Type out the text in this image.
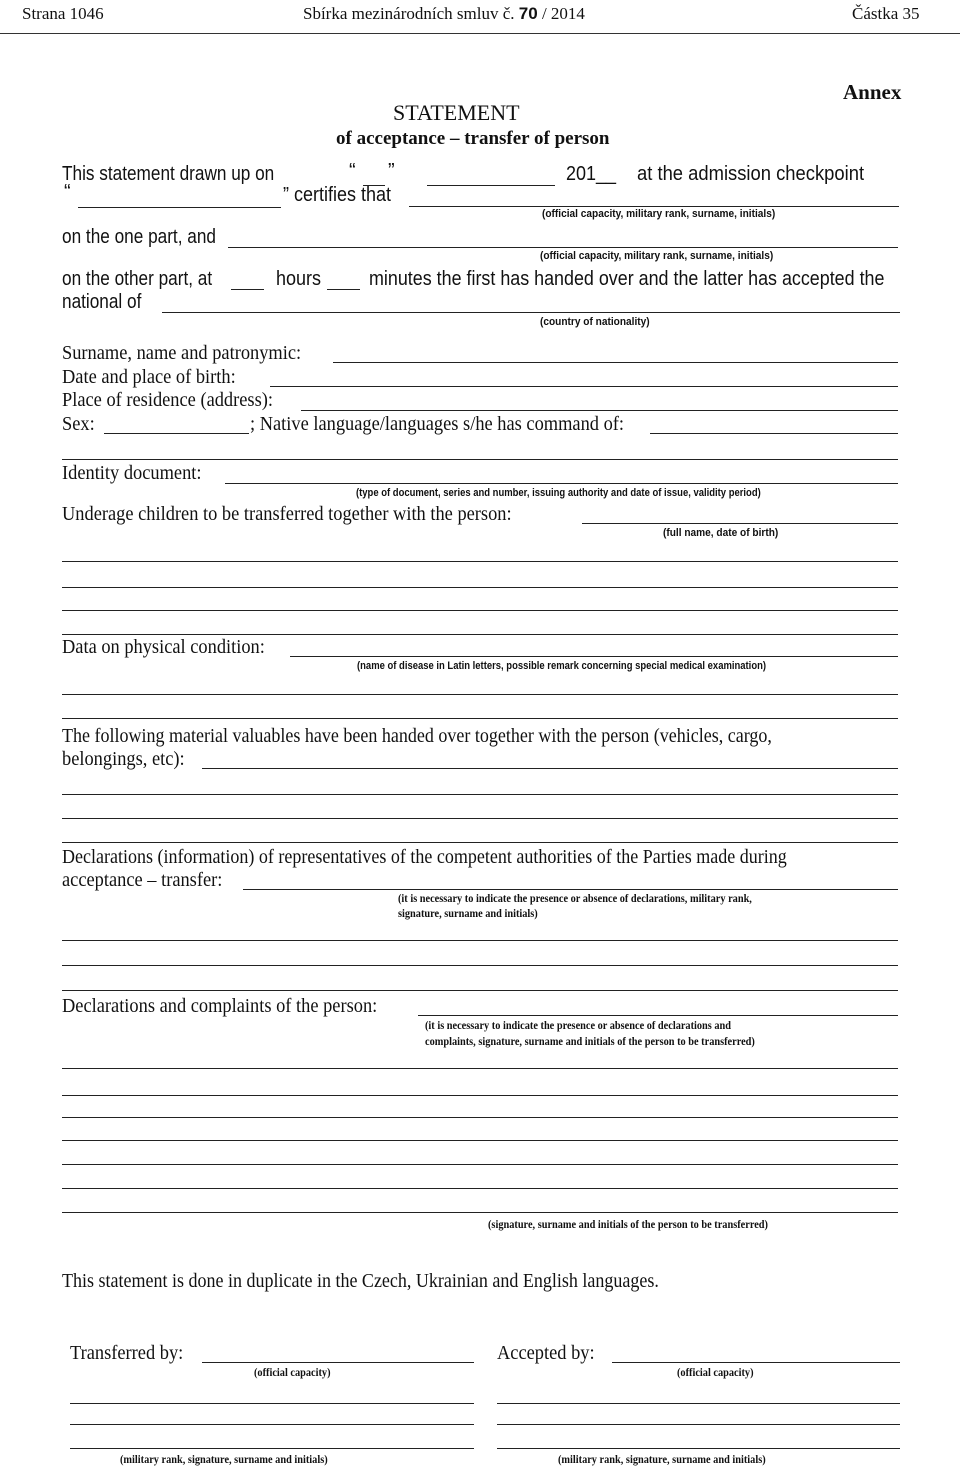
Strana 1046	Sbírka mezinárodních smluv č. 70 / 2014	Částka 35
Annex
STATEMENT
of acceptance – transfer of person
This statement drawn up on	“ ”	201__ at the admission checkpoint
“	” certifies that
(official capacity, military rank, surname, initials)
on the one part, and
(official capacity, military rank, surname, initials)
on the other part, at	hours minutes the first has handed over and the latter has accepted the
national of
(country of nationality)
Surname, name and patronymic:
Date and place of birth:
Place of residence (address):
Sex:	; Native language/languages s/he has command of:
Identity document:
(type of document, series and number, issuing authority and date of issue, validity period)
Underage children to be transferred together with the person:
(full name, date of birth)
Data on physical condition:
(name of disease in Latin letters, possible remark concerning special medical examination)
The following material valuables have been handed over together with the person (vehicles, cargo,
belongings, etc):
Declarations (information) of representatives of the competent authorities of the Parties made during
acceptance – transfer:
(it is necessary to indicate the presence or absence of declarations, military rank,
signature, surname and initials)
Declarations and complaints of the person:
(it is necessary to indicate the presence or absence of declarations and
complaints, signature, surname and initials of the person to be transferred)
(signature, surname and initials of the person to be transferred)
This statement is done in duplicate in the Czech, Ukrainian and English languages.
Transferred by:
(official capacity)
(military rank, signature, surname and initials)
Accepted by:
(official capacity)
(military rank, signature, surname and initials)
